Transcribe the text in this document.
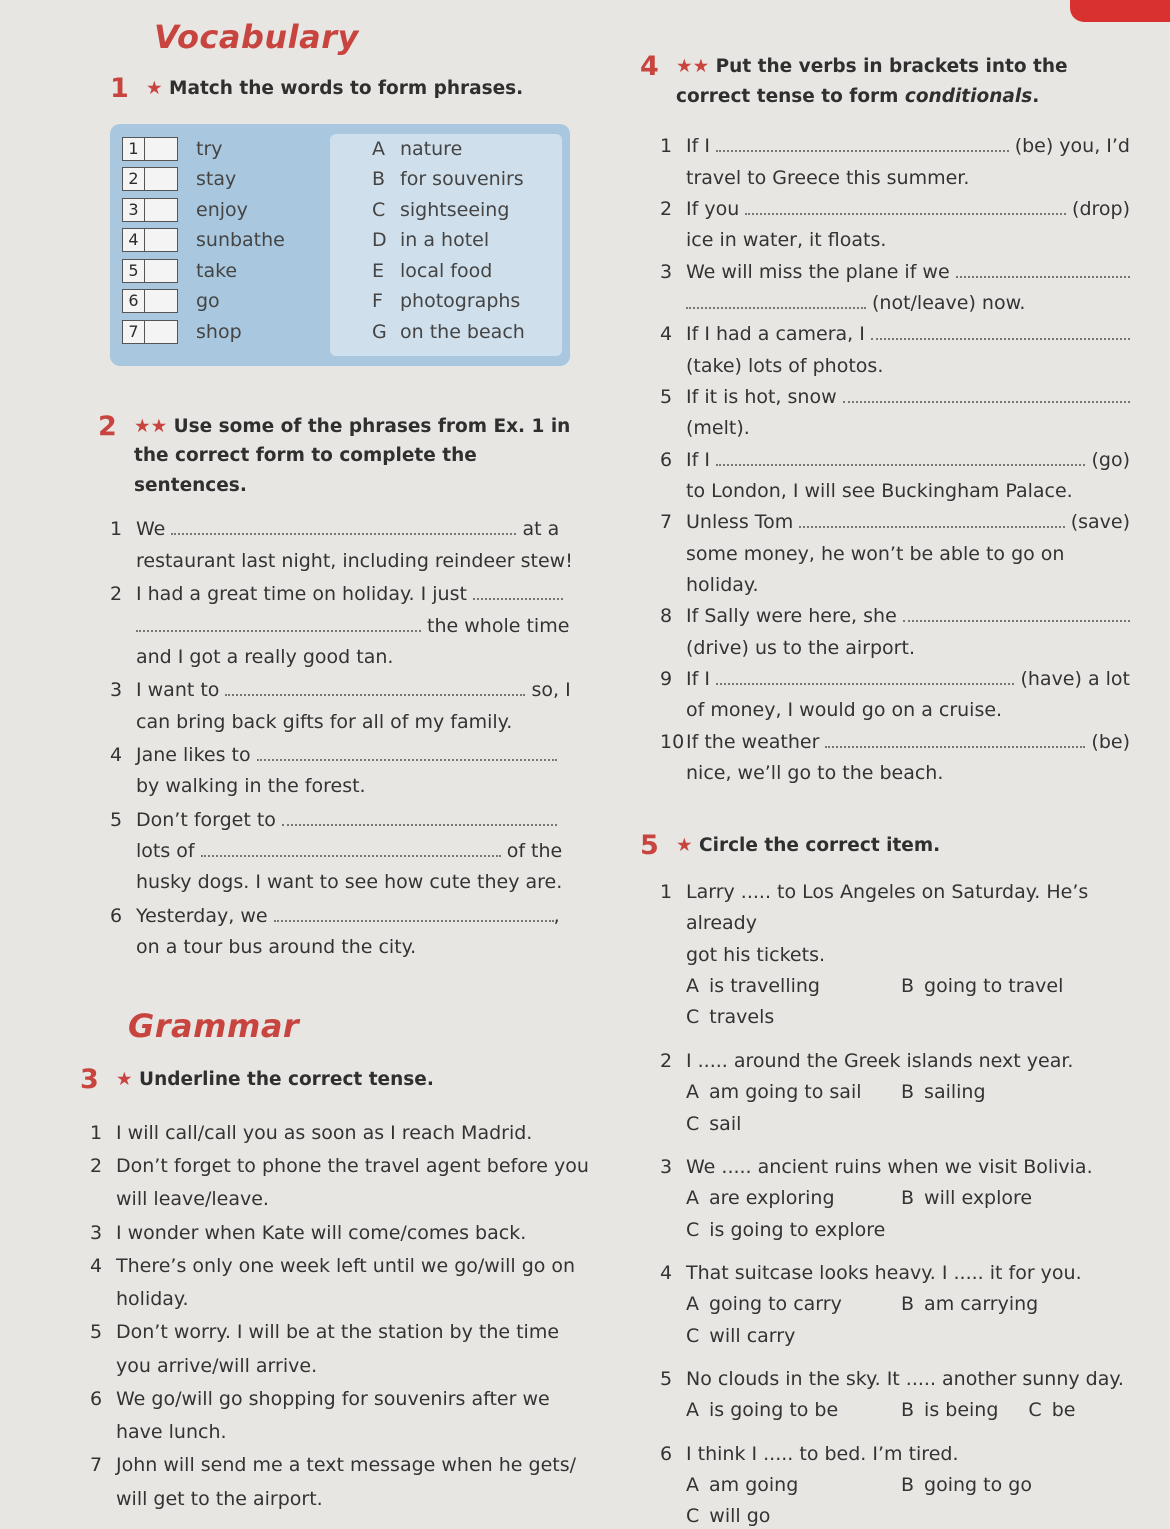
Vocabulary
1 ★ Match the words to form phrases.
1	try	A nature
2	stay	B for souvenirs
3	enjoy	C sightseeing
4	sunbathe	D in a hotel
5	take	E local food
6	go	F photographs
7	shop	G on the beach
2 ★★ Use some of the phrases from Ex. 1 in the correct form to complete the sentences.
1 We	at a
restaurant last night, including reindeer stew!
2 I had a great time on holiday. I just
the whole time
and I got a really good tan.
3 I want to	so, I
can bring back gifts for all of my family.
4 Jane likes to
by walking in the forest.
5 Don’t forget to
lots of	of the
husky dogs. I want to see how cute they are.
6 Yesterday, we	,
on a tour bus around the city.
Grammar
3 ★ Underline the correct tense.
1 I will call/call you as soon as I reach Madrid.
2 Don’t forget to phone the travel agent before you
will leave/leave.
3 I wonder when Kate will come/comes back.
4 There’s only one week left until we go/will go on
holiday.
5 Don’t worry. I will be at the station by the time
you arrive/will arrive.
6 We go/will go shopping for souvenirs after we
have lunch.
7 John will send me a text message when he gets/
will get to the airport.
4 ★★ Put the verbs in brackets into the correct tense to form conditionals.
1 If I	(be) you, I’d
travel to Greece this summer.
2 If you	(drop)
ice in water, it floats.
3 We will miss the plane if we
(not/leave) now.
4 If I had a camera, I
(take) lots of photos.
5 If it is hot, snow
(melt).
6 If I	(go)
to London, I will see Buckingham Palace.
7 Unless Tom	(save)
some money, he won’t be able to go on holiday.
8 If Sally were here, she
(drive) us to the airport.
9 If I	(have) a lot
of money, I would go on a cruise.
10 If the weather	(be)
nice, we’ll go to the beach.
5 ★ Circle the correct item.
1 Larry ..... to Los Angeles on Saturday. He’s already
got his tickets.
A is travelling	B going to travel
C travels
2 I ..... around the Greek islands next year.
A am going to sail	B sailing
C sail
3 We ..... ancient ruins when we visit Bolivia.
A are exploring	B will explore
C is going to explore
4 That suitcase looks heavy. I ..... it for you.
A going to carry	B am carrying
C will carry
5 No clouds in the sky. It ..... another sunny day.
A is going to be	B is being C be
6 I think I ..... to bed. I’m tired.
A am going	B going to go
C will go
